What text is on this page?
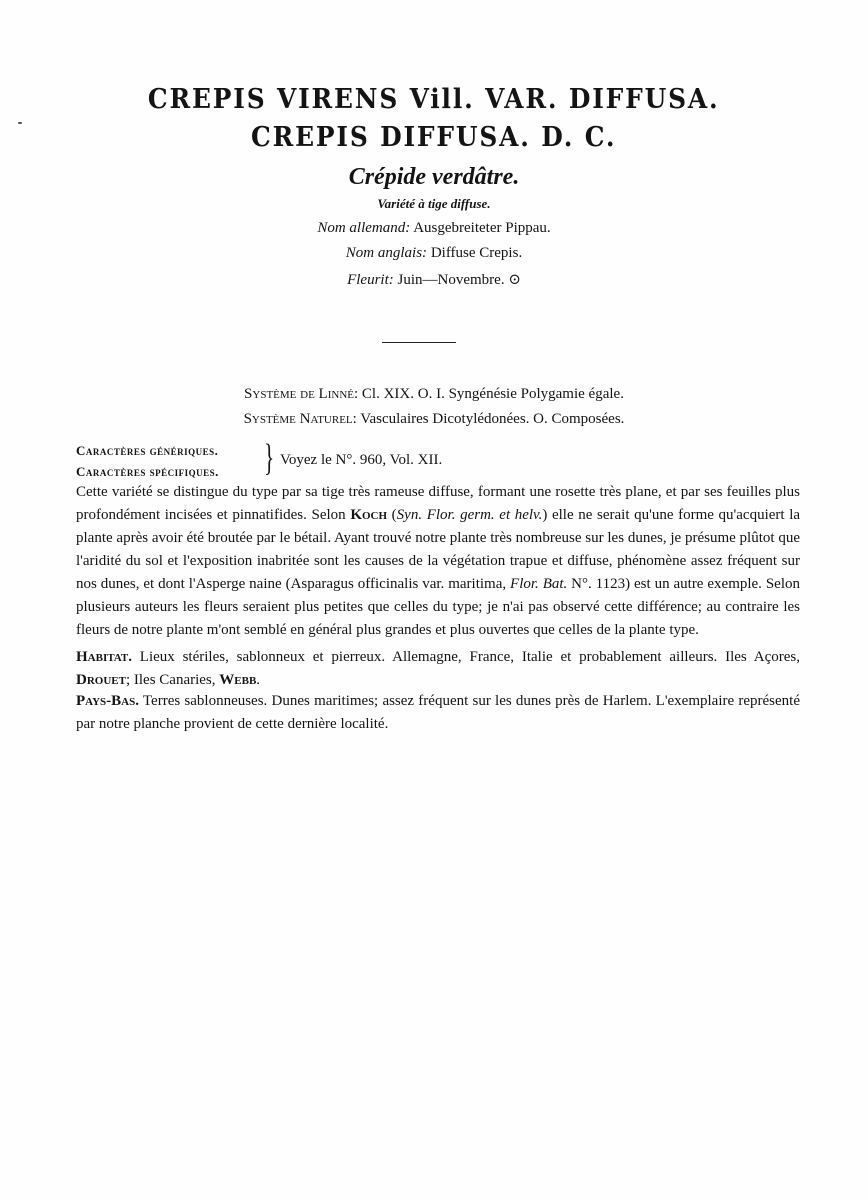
CREPIS VIRENS Vill. VAR. DIFFUSA.
CREPIS DIFFUSA. D. C.
Crépide verdâtre.
Variété à tige diffuse.
Nom allemand: Ausgebreiteter Pippau.
Nom anglais: Diffuse Crepis.
Fleurit: Juin—Novembre. ⊙
Système de Linné: Cl. XIX. O. I. Syngénésie Polygamie égale.
Système Naturel: Vasculaires Dicotylédonées. O. Composées.
Caractères génériques.
Caractères spécifiques. } Voyez le N°. 960, Vol. XII.
Cette variété se distingue du type par sa tige très rameuse diffuse, formant une rosette très plane, et par ses feuilles plus profondément incisées et pinnatifides. Selon Koch (Syn. Flor. germ. et helv.) elle ne serait qu'une forme qu'acquiert la plante après avoir été broutée par le bétail. Ayant trouvé notre plante très nombreuse sur les dunes, je présume plûtot que l'aridité du sol et l'exposition inabritée sont les causes de la végétation trapue et diffuse, phénomène assez fréquent sur nos dunes, et dont l'Asperge naine (Asparagus officinalis var. maritima, Flor. Bat. N°. 1123) est un autre exemple. Selon plusieurs auteurs les fleurs seraient plus petites que celles du type; je n'ai pas observé cette différence; au contraire les fleurs de notre plante m'ont semblé en général plus grandes et plus ouvertes que celles de la plante type.
Habitat. Lieux stériles, sablonneux et pierreux. Allemagne, France, Italie et probablement ailleurs. Iles Açores, Drouet; Iles Canaries, Webb.
Pays-Bas. Terres sablonneuses. Dunes maritimes; assez fréquent sur les dunes près de Harlem. L'exemplaire représenté par notre planche provient de cette dernière localité.
